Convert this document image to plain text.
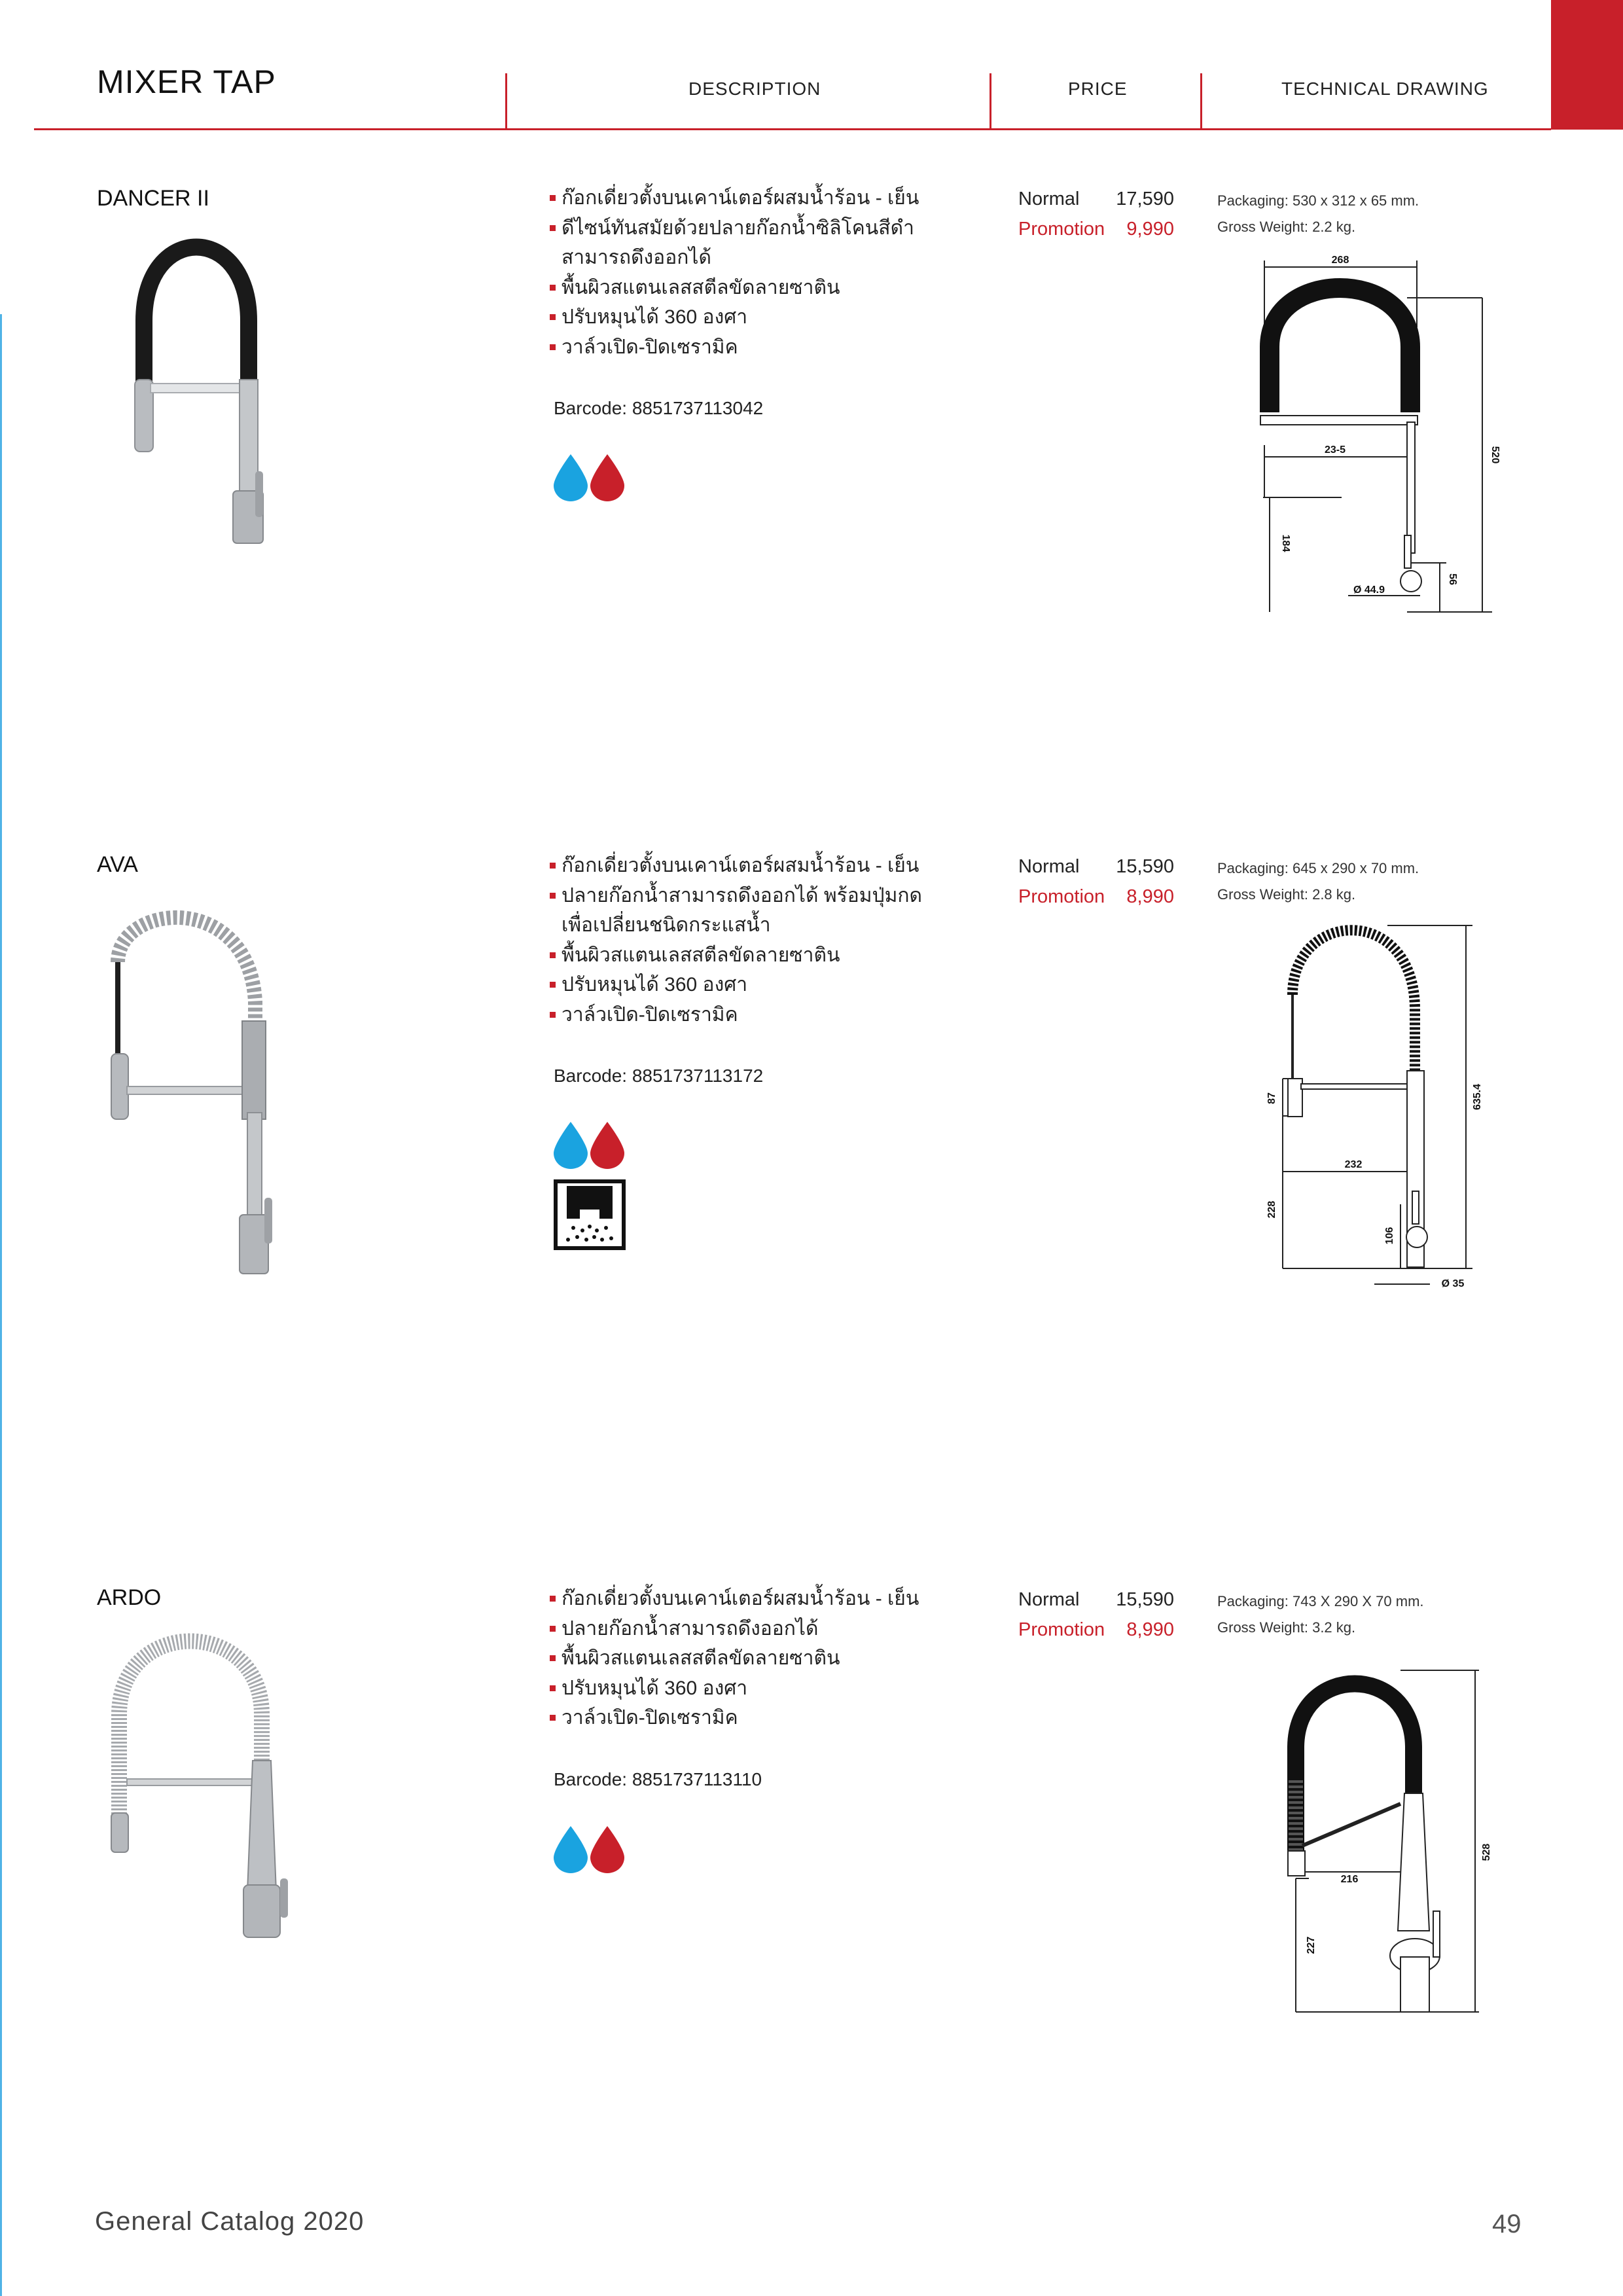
MIXER TAP	DESCRIPTION	PRICE	TECHNICAL DRAWING
DANCER II	ก๊อกเดี่ยวตั้งบนเคาน์เตอร์ผสมน้ำร้อน - เย็น
ดีไซน์ทันสมัยด้วยปลายก๊อกน้ำซิลิโคนสีดำ
สามารถดึงออกได้
พื้นผิวสแตนเลสสตีลขัดลายซาติน
ปรับหมุนได้ 360 องศา
วาล์วเปิด-ปิดเซรามิค
Barcode: 8851737113042
Normal	17,590
Promotion	9,990
Packaging: 530 x 312 x 65 mm.
Gross Weight: 2.2 kg.
268
23-5	520
184
56
Ø 44.9
AVA	ก๊อกเดี่ยวตั้งบนเคาน์เตอร์ผสมน้ำร้อน - เย็น
ปลายก๊อกน้ำสามารถดึงออกได้ พร้อมปุ่มกด
เพื่อเปลี่ยนชนิดกระแสน้ำ
พื้นผิวสแตนเลสสตีลขัดลายซาติน
ปรับหมุนได้ 360 องศา
วาล์วเปิด-ปิดเซรามิค
Barcode: 8851737113172
Normal	15,590
Promotion	8,990
Packaging: 645 x 290 x 70 mm.
Gross Weight: 2.8 kg.
87
232
635.4
228
106
Ø 35
ARDO	ก๊อกเดี่ยวตั้งบนเคาน์เตอร์ผสมน้ำร้อน - เย็น
ปลายก๊อกน้ำสามารถดึงออกได้
พื้นผิวสแตนเลสสตีลขัดลายซาติน
ปรับหมุนได้ 360 องศา
วาล์วเปิด-ปิดเซรามิค
Barcode: 8851737113110
Normal	15,590
Promotion	8,990
Packaging: 743 X 290 X 70 mm.
Gross Weight: 3.2 kg.
216
528
227
General Catalog 2020	49
